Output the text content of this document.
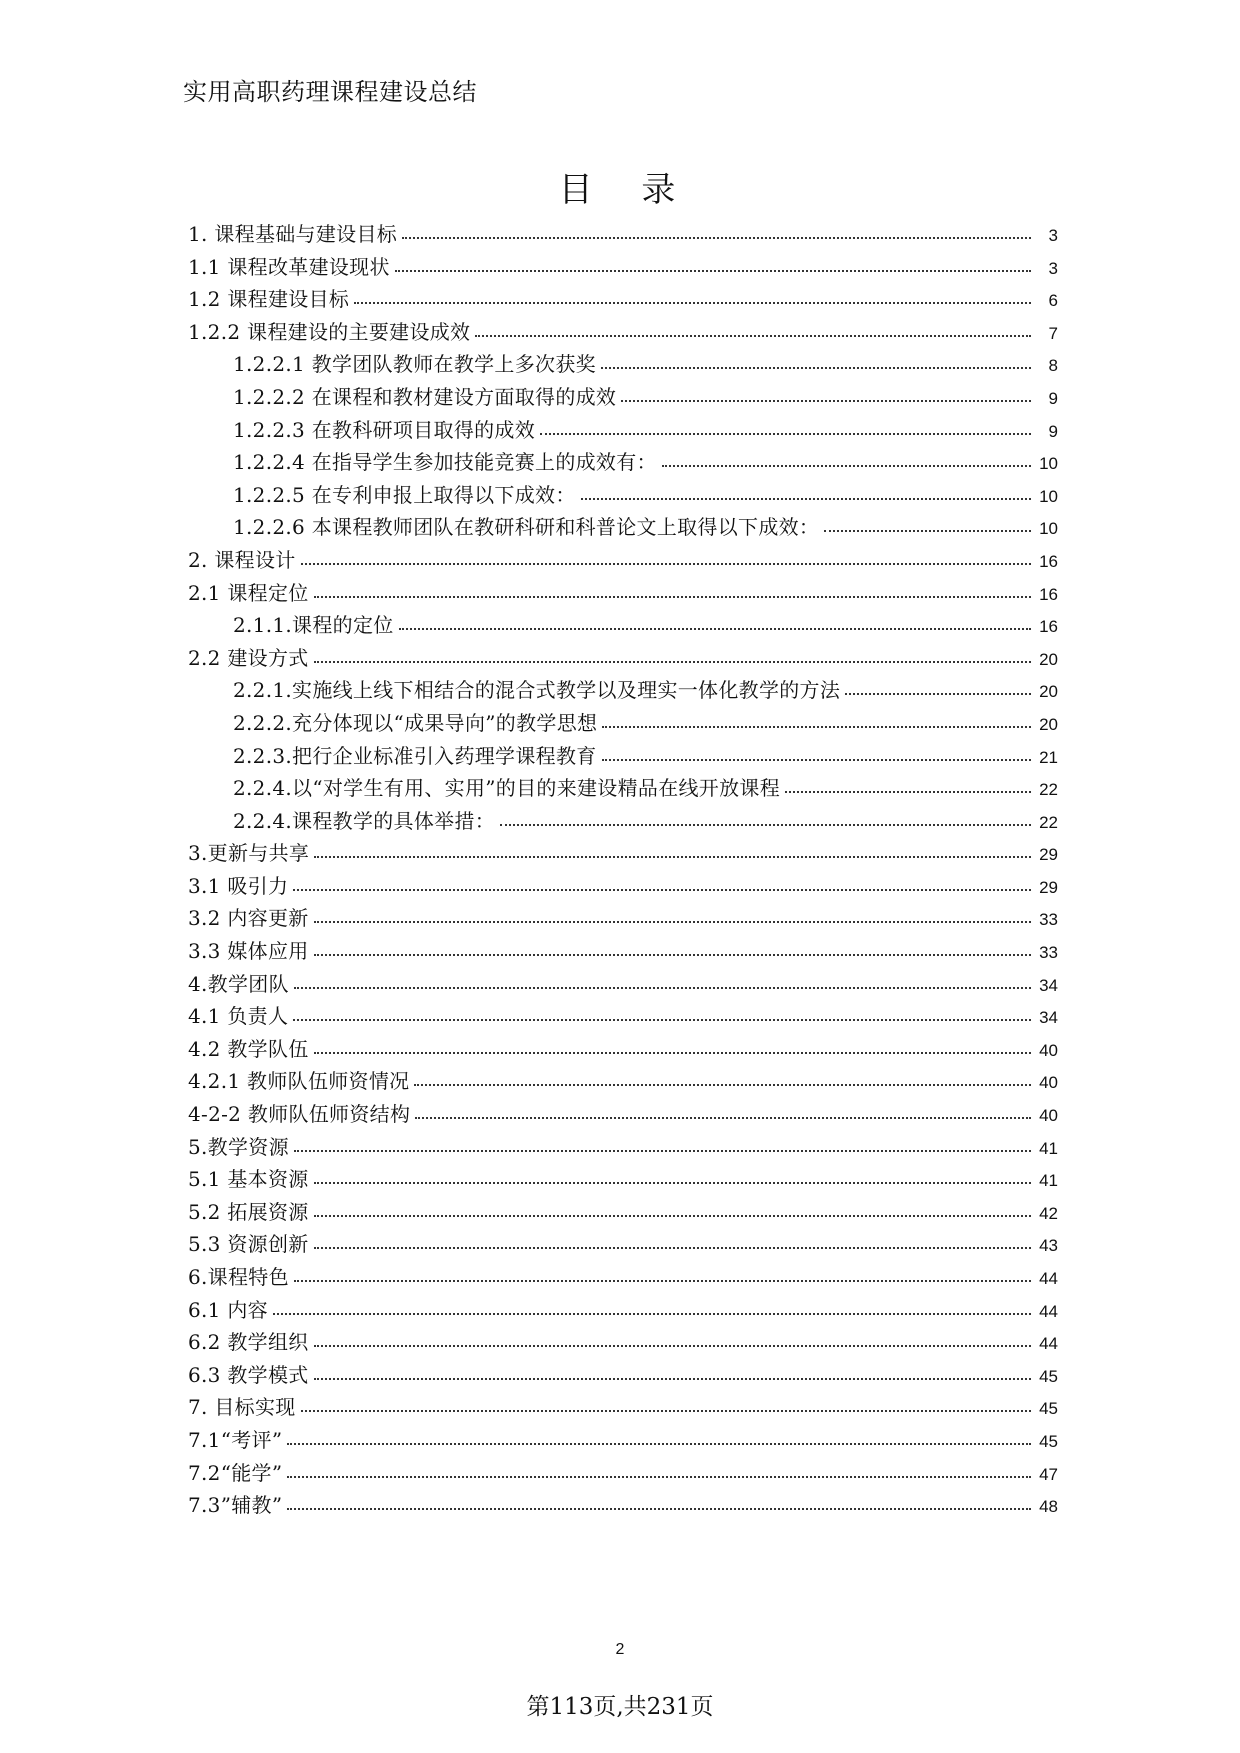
实用高职药理课程建设总结
目 录
1. 课程基础与建设目标	3
1.1 课程改革建设现状	3
1.2 课程建设目标	6
1.2.2 课程建设的主要建设成效	7
1.2.2.1 教学团队教师在教学上多次获奖	8
1.2.2.2 在课程和教材建设方面取得的成效	9
1.2.2.3 在教科研项目取得的成效	9
1.2.2.4 在指导学生参加技能竞赛上的成效有：	10
1.2.2.5 在专利申报上取得以下成效：	10
1.2.2.6 本课程教师团队在教研科研和科普论文上取得以下成效：	10
2. 课程设计	16
2.1 课程定位	16
2.1.1.课程的定位	16
2.2 建设方式	20
2.2.1.实施线上线下相结合的混合式教学以及理实一体化教学的方法	20
2.2.2.充分体现以“成果导向”的教学思想	20
2.2.3.把行企业标准引入药理学课程教育	21
2.2.4.以“对学生有用、实用”的目的来建设精品在线开放课程	22
2.2.4.课程教学的具体举措：	22
3.更新与共享	29
3.1 吸引力	29
3.2 内容更新	33
3.3 媒体应用	33
4.教学团队	34
4.1 负责人	34
4.2 教学队伍	40
4.2.1 教师队伍师资情况	40
4-2-2 教师队伍师资结构	40
5.教学资源	41
5.1 基本资源	41
5.2 拓展资源	42
5.3 资源创新	43
6.课程特色	44
6.1 内容	44
6.2 教学组织	44
6.3 教学模式	45
7. 目标实现	45
7.1“考评”	45
7.2“能学”	47
7.3”辅教”	48
2
第113页,共231页
